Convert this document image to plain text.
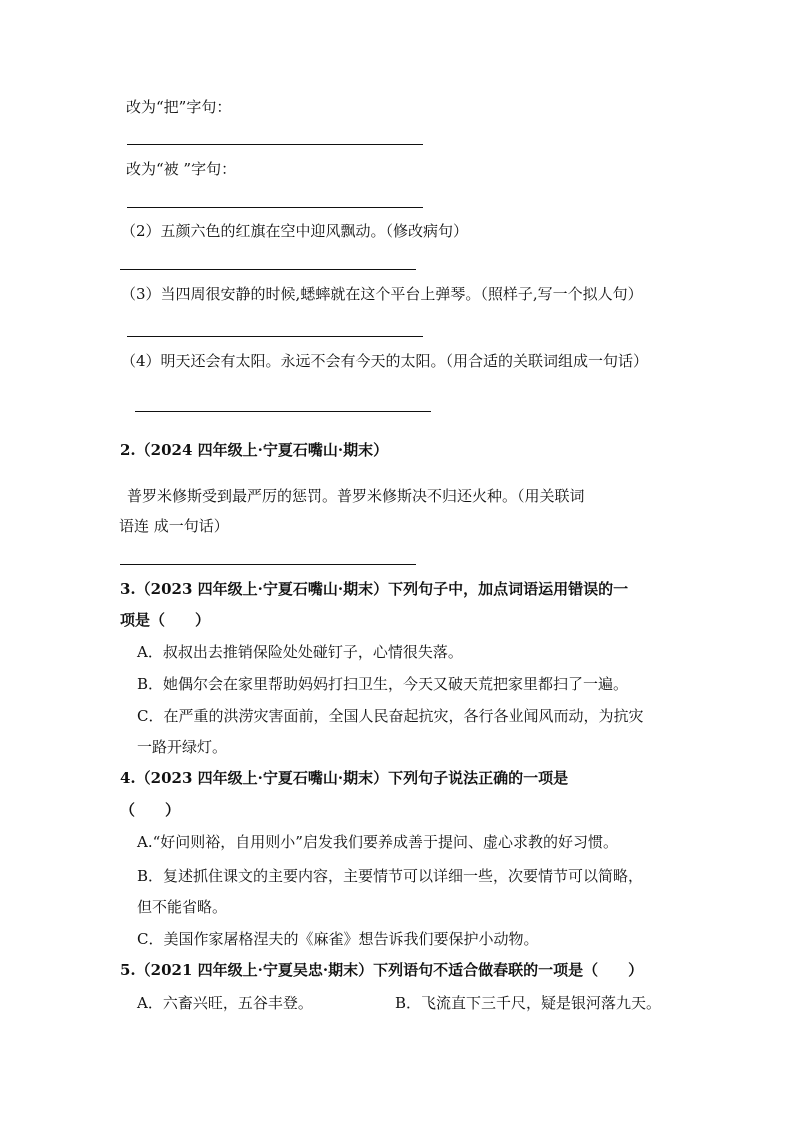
改为“把”字句：
改为“被 ”字句：
（2）五颜六色的红旗在空中迎风飘动。（修改病句）
（3）当四周很安静的时候,蟋蟀就在这个平台上弹琴。（照样子,写一个拟人句）
（4）明天还会有太阳。永远不会有今天的太阳。（用合适的关联词组成一句话）
2.（2024 四年级上·宁夏石嘴山·期末）
普罗米修斯受到最严厉的惩罚。普罗米修斯决不归还火种。（用关联词
语连 成一句话）
3.（2023 四年级上·宁夏石嘴山·期末）下列句子中，加点词语运用错误的一
项是（　　）
A．叔叔出去推销保险处处碰钉子，心情很失落。
B．她偶尔会在家里帮助妈妈打扫卫生，今天又破天荒把家里都扫了一遍。
C．在严重的洪涝灾害面前，全国人民奋起抗灾，各行各业闻风而动，为抗灾
一路开绿灯。
4.（2023 四年级上·宁夏石嘴山·期末）下列句子说法正确的一项是
（　　）
A.“好问则裕，自用则小”启发我们要养成善于提问、虚心求教的好习惯。
B．复述抓住课文的主要内容，主要情节可以详细一些，次要情节可以简略，
但不能省略。
C．美国作家屠格涅夫的《麻雀》想告诉我们要保护小动物。
5.（2021 四年级上·宁夏吴忠·期末）下列语句不适合做春联的一项是（　　）
A．六畜兴旺，五谷丰登。	B．飞流直下三千尺，疑是银河落九天。
